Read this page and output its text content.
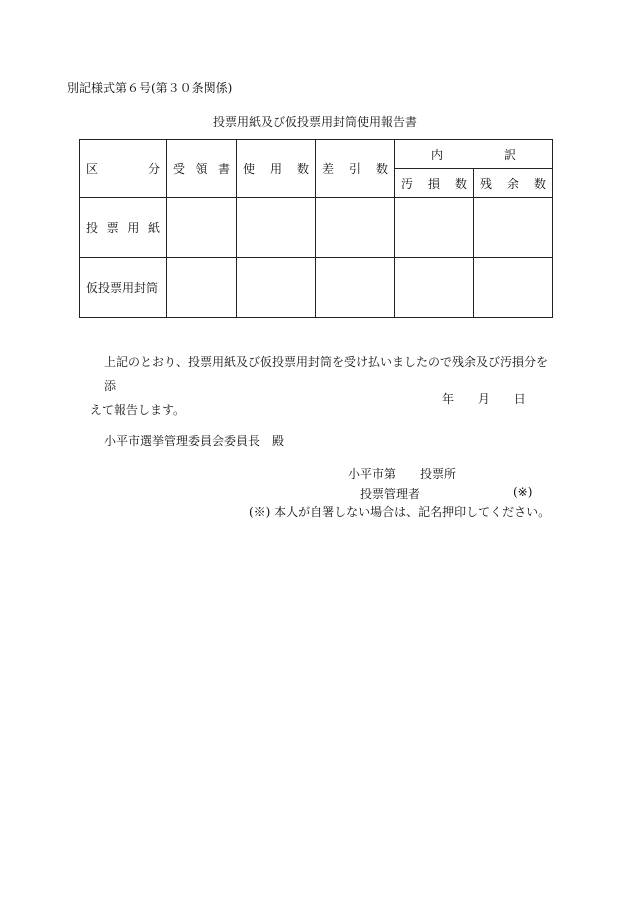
別記様式第６号(第３０条関係)
投票用紙及び仮投票用封筒使用報告書
区 分	受 領 書	使 用 数	差 引 数	内 訳	

				汚 損 数	残 余 数

投 票 用 紙					

仮投票用封筒					

上記のとおり、投票用紙及び仮投票用封筒を受け払いましたので残余及び汚損分を添
えて報告します。
年 月 日
小平市選挙管理委員会委員長　殿
小平市第　　投票所
投票管理者	(※)
(※) 本人が自署しない場合は、記名押印してください。
